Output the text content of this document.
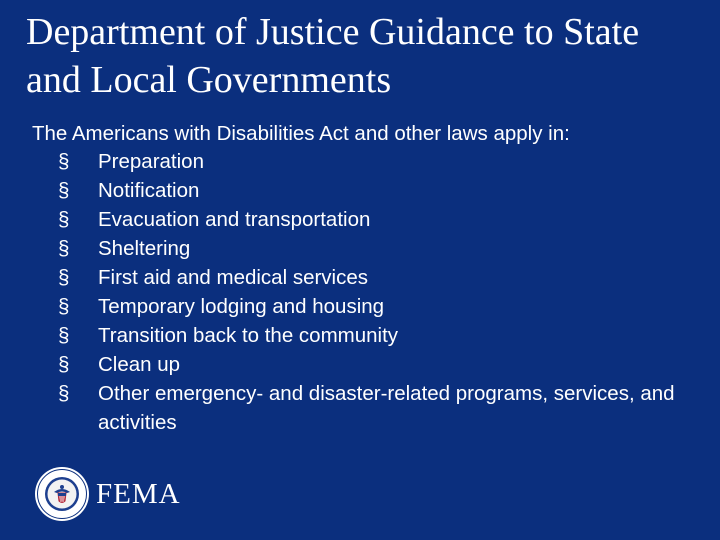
Department of Justice Guidance to State
and Local Governments
The Americans with Disabilities Act and other laws apply in:
§	Preparation
§	Notification
§	Evacuation and transportation
§	Sheltering
§	First aid and medical services
§	Temporary lodging and housing
§	Transition back to the community
§	Clean up
§	Other emergency- and disaster-related programs, services, and activities
FEMA
